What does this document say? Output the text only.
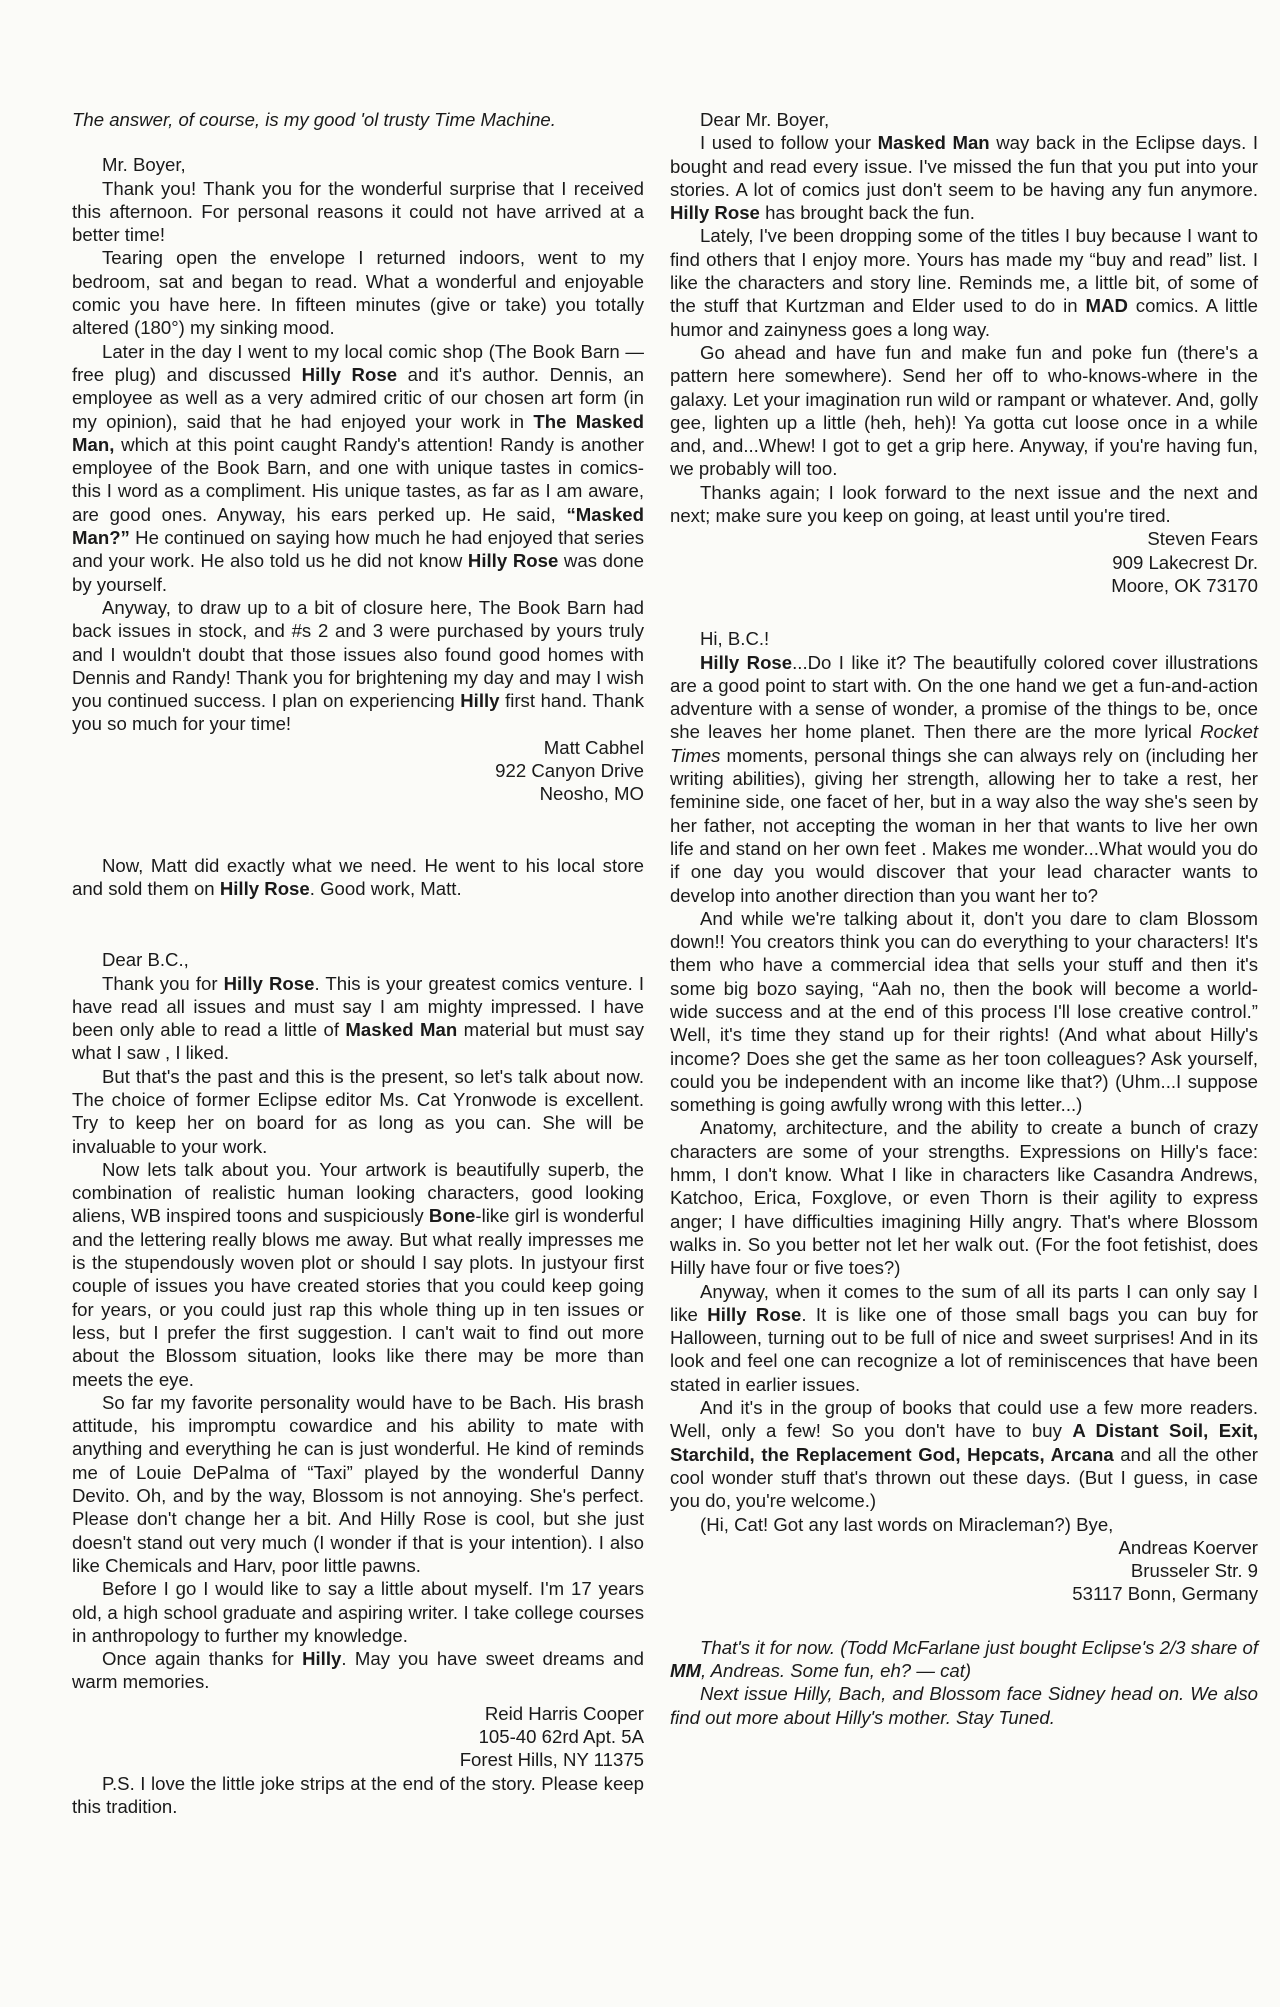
The answer, of course, is my good 'ol trusty Time Machine.

Mr. Boyer,

Thank you! Thank you for the wonderful surprise that I received this afternoon. For personal reasons it could not have arrived at a better time!

Tearing open the envelope I returned indoors, went to my bedroom, sat and began to read. What a wonderful and enjoyable comic you have here. In fifteen minutes (give or take) you totally altered (180°) my sinking mood.

Later in the day I went to my local comic shop (The Book Barn — free plug) and discussed Hilly Rose and it's author. Dennis, an employee as well as a very admired critic of our chosen art form (in my opinion), said that he had enjoyed your work in The Masked Man, which at this point caught Randy's attention! Randy is another employee of the Book Barn, and one with unique tastes in comics- this I word as a compliment. His unique tastes, as far as I am aware, are good ones. Anyway, his ears perked up. He said, “Masked Man?” He continued on saying how much he had enjoyed that series and your work. He also told us he did not know Hilly Rose was done by yourself.

Anyway, to draw up to a bit of closure here, The Book Barn had back issues in stock, and #s 2 and 3 were purchased by yours truly and I wouldn't doubt that those issues also found good homes with Dennis and Randy! Thank you for brightening my day and may I wish you continued success. I plan on experiencing Hilly first hand. Thank you so much for your time!

Matt Cabhel

922 Canyon Drive

Neosho, MO

Now, Matt did exactly what we need. He went to his local store and sold them on Hilly Rose. Good work, Matt.

Dear B.C.,

Thank you for Hilly Rose. This is your greatest comics venture. I have read all issues and must say I am mighty impressed. I have been only able to read a little of Masked Man material but must say what I saw , I liked.

But that's the past and this is the present, so let's talk about now. The choice of former Eclipse editor Ms. Cat Yronwode is excellent. Try to keep her on board for as long as you can. She will be invaluable to your work.

Now lets talk about you. Your artwork is beautifully superb, the combination of realistic human looking characters, good looking aliens, WB inspired toons and suspiciously Bone-like girl is wonderful and the lettering really blows me away. But what really impresses me is the stupendously woven plot or should I say plots. In justyour first couple of issues you have created stories that you could keep going for years, or you could just rap this whole thing up in ten issues or less, but I prefer the first suggestion. I can't wait to find out more about the Blossom situation, looks like there may be more than meets the eye.

So far my favorite personality would have to be Bach. His brash attitude, his impromptu cowardice and his ability to mate with anything and everything he can is just wonderful. He kind of reminds me of Louie DePalma of “Taxi” played by the wonderful Danny Devito. Oh, and by the way, Blossom is not annoying. She's perfect. Please don't change her a bit. And Hilly Rose is cool, but she just doesn't stand out very much (I wonder if that is your intention). I also like Chemicals and Harv, poor little pawns.

Before I go I would like to say a little about myself. I'm 17 years old, a high school graduate and aspiring writer. I take college courses in anthropology to further my knowledge.

Once again thanks for Hilly. May you have sweet dreams and warm memories.

Reid Harris Cooper

105-40 62rd Apt. 5A

Forest Hills, NY 11375

P.S. I love the little joke strips at the end of the story. Please keep this tradition.

Dear Mr. Boyer,

I used to follow your Masked Man way back in the Eclipse days. I bought and read every issue. I've missed the fun that you put into your stories. A lot of comics just don't seem to be having any fun anymore. Hilly Rose has brought back the fun.

Lately, I've been dropping some of the titles I buy because I want to find others that I enjoy more. Yours has made my “buy and read” list. I like the characters and story line. Reminds me, a little bit, of some of the stuff that Kurtzman and Elder used to do in MAD comics. A little humor and zainyness goes a long way.

Go ahead and have fun and make fun and poke fun (there's a pattern here somewhere). Send her off to who-knows-where in the galaxy. Let your imagination run wild or rampant or whatever. And, golly gee, lighten up a little (heh, heh)! Ya gotta cut loose once in a while and, and...Whew! I got to get a grip here. Anyway, if you're having fun, we probably will too.

Thanks again; I look forward to the next issue and the next and next; make sure you keep on going, at least until you're tired.

Steven Fears

909 Lakecrest Dr.

Moore, OK 73170

Hi, B.C.!

Hilly Rose...Do I like it? The beautifully colored cover illustrations are a good point to start with. On the one hand we get a fun-and-action adventure with a sense of wonder, a promise of the things to be, once she leaves her home planet. Then there are the more lyrical Rocket Times moments, personal things she can always rely on (including her writing abilities), giving her strength, allowing her to take a rest, her feminine side, one facet of her, but in a way also the way she's seen by her father, not accepting the woman in her that wants to live her own life and stand on her own feet . Makes me wonder...What would you do if one day you would discover that your lead character wants to develop into another direction than you want her to?

And while we're talking about it, don't you dare to clam Blossom down!! You creators think you can do everything to your characters! It's them who have a commercial idea that sells your stuff and then it's some big bozo saying, “Aah no, then the book will become a world-wide success and at the end of this process I'll lose creative control.” Well, it's time they stand up for their rights! (And what about Hilly's income? Does she get the same as her toon colleagues? Ask yourself, could you be independent with an income like that?) (Uhm...I suppose something is going awfully wrong with this letter...)

Anatomy, architecture, and the ability to create a bunch of crazy characters are some of your strengths. Expressions on Hilly's face: hmm, I don't know. What I like in characters like Casandra Andrews, Katchoo, Erica, Foxglove, or even Thorn is their agility to express anger; I have difficulties imagining Hilly angry. That's where Blossom walks in. So you better not let her walk out. (For the foot fetishist, does Hilly have four or five toes?)

Anyway, when it comes to the sum of all its parts I can only say I like Hilly Rose. It is like one of those small bags you can buy for Halloween, turning out to be full of nice and sweet surprises! And in its look and feel one can recognize a lot of reminiscences that have been stated in earlier issues.

And it's in the group of books that could use a few more readers. Well, only a few! So you don't have to buy A Distant Soil, Exit, Starchild, the Replacement God, Hepcats, Arcana and all the other cool wonder stuff that's thrown out these days. (But I guess, in case you do, you're welcome.)

(Hi, Cat! Got any last words on Miracleman?) Bye,

Andreas Koerver

Brusseler Str. 9

53117 Bonn, Germany

That's it for now. (Todd McFarlane just bought Eclipse's 2/3 share of MM, Andreas. Some fun, eh? — cat)

Next issue Hilly, Bach, and Blossom face Sidney head on. We also find out more about Hilly's mother. Stay Tuned.
